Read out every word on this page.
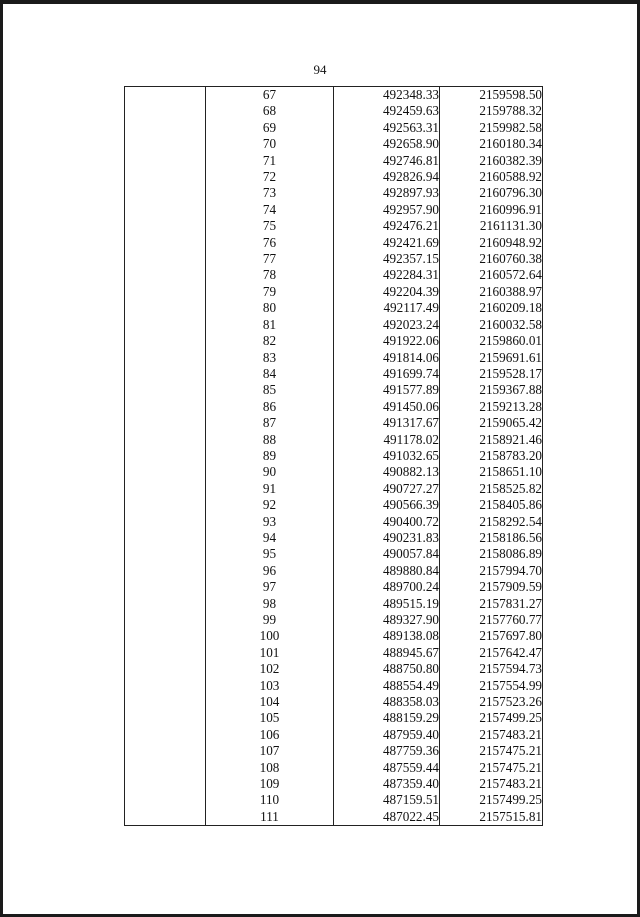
94
	67	492348.33	2159598.50
	68	492459.63	2159788.32
	69	492563.31	2159982.58
	70	492658.90	2160180.34
	71	492746.81	2160382.39
	72	492826.94	2160588.92
	73	492897.93	2160796.30
	74	492957.90	2160996.91
	75	492476.21	2161131.30
	76	492421.69	2160948.92
	77	492357.15	2160760.38
	78	492284.31	2160572.64
	79	492204.39	2160388.97
	80	492117.49	2160209.18
	81	492023.24	2160032.58
	82	491922.06	2159860.01
	83	491814.06	2159691.61
	84	491699.74	2159528.17
	85	491577.89	2159367.88
	86	491450.06	2159213.28
	87	491317.67	2159065.42
	88	491178.02	2158921.46
	89	491032.65	2158783.20
	90	490882.13	2158651.10
	91	490727.27	2158525.82
	92	490566.39	2158405.86
	93	490400.72	2158292.54
	94	490231.83	2158186.56
	95	490057.84	2158086.89
	96	489880.84	2157994.70
	97	489700.24	2157909.59
	98	489515.19	2157831.27
	99	489327.90	2157760.77
	100	489138.08	2157697.80
	101	488945.67	2157642.47
	102	488750.80	2157594.73
	103	488554.49	2157554.99
	104	488358.03	2157523.26
	105	488159.29	2157499.25
	106	487959.40	2157483.21
	107	487759.36	2157475.21
	108	487559.44	2157475.21
	109	487359.40	2157483.21
	110	487159.51	2157499.25
	111	487022.45	2157515.81
